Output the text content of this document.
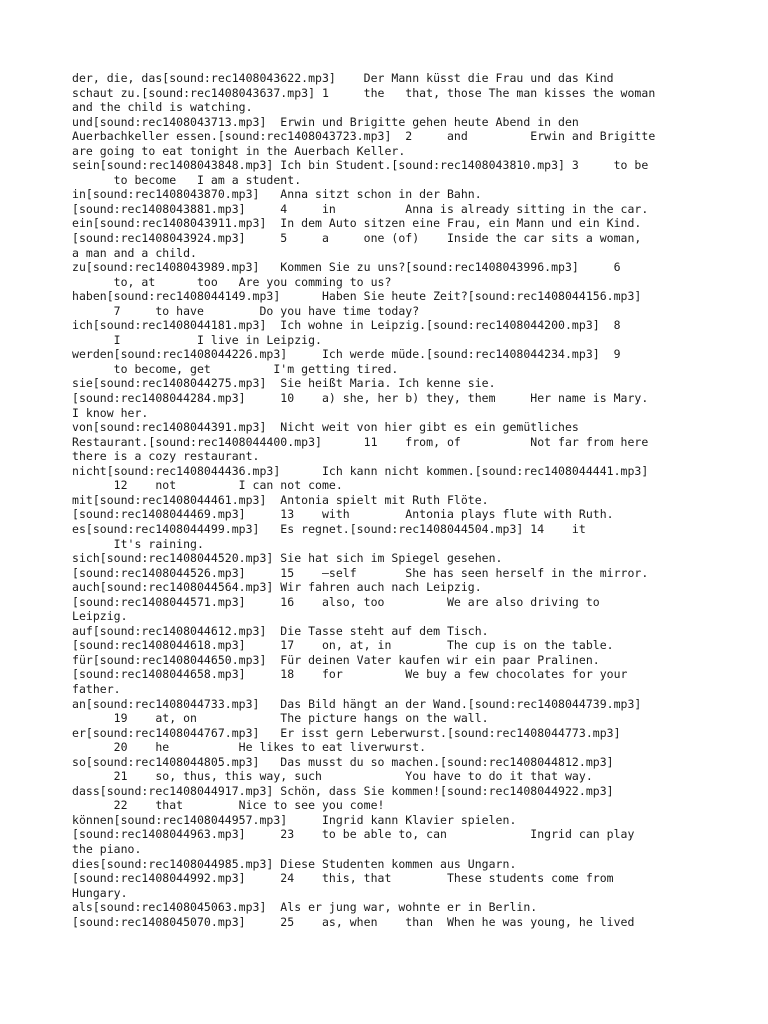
der, die, das[sound:rec1408043622.mp3]    Der Mann küsst die Frau und das Kind
schaut zu.[sound:rec1408043637.mp3] 1     the   that, those The man kisses the woman
and the child is watching.
und[sound:rec1408043713.mp3]  Erwin und Brigitte gehen heute Abend in den
Auerbachkeller essen.[sound:rec1408043723.mp3]  2     and         Erwin and Brigitte
are going to eat tonight in the Auerbach Keller.
sein[sound:rec1408043848.mp3] Ich bin Student.[sound:rec1408043810.mp3] 3     to be
to become   I am a student.
in[sound:rec1408043870.mp3]   Anna sitzt schon in der Bahn.
[sound:rec1408043881.mp3]     4     in          Anna is already sitting in the car.
ein[sound:rec1408043911.mp3]  In dem Auto sitzen eine Frau, ein Mann und ein Kind.
[sound:rec1408043924.mp3]     5     a     one (of)    Inside the car sits a woman,
a man and a child.
zu[sound:rec1408043989.mp3]   Kommen Sie zu uns?[sound:rec1408043996.mp3]     6
to, at      too   Are you comming to us?
haben[sound:rec1408044149.mp3]      Haben Sie heute Zeit?[sound:rec1408044156.mp3]
7     to have        Do you have time today?
ich[sound:rec1408044181.mp3]  Ich wohne in Leipzig.[sound:rec1408044200.mp3]  8
I           I live in Leipzig.
werden[sound:rec1408044226.mp3]     Ich werde müde.[sound:rec1408044234.mp3]  9
to become, get         I'm getting tired.
sie[sound:rec1408044275.mp3]  Sie heißt Maria. Ich kenne sie.
[sound:rec1408044284.mp3]     10    a) she, her b) they, them     Her name is Mary.
I know her.
von[sound:rec1408044391.mp3]  Nicht weit von hier gibt es ein gemütliches
Restaurant.[sound:rec1408044400.mp3]      11    from, of          Not far from here
there is a cozy restaurant.
nicht[sound:rec1408044436.mp3]      Ich kann nicht kommen.[sound:rec1408044441.mp3]
12    not         I can not come.
mit[sound:rec1408044461.mp3]  Antonia spielt mit Ruth Flöte.
[sound:rec1408044469.mp3]     13    with        Antonia plays flute with Ruth.
es[sound:rec1408044499.mp3]   Es regnet.[sound:rec1408044504.mp3] 14    it
It's raining.
sich[sound:rec1408044520.mp3] Sie hat sich im Spiegel gesehen.
[sound:rec1408044526.mp3]     15    –self       She has seen herself in the mirror.
auch[sound:rec1408044564.mp3] Wir fahren auch nach Leipzig.
[sound:rec1408044571.mp3]     16    also, too         We are also driving to
Leipzig.
auf[sound:rec1408044612.mp3]  Die Tasse steht auf dem Tisch.
[sound:rec1408044618.mp3]     17    on, at, in        The cup is on the table.
für[sound:rec1408044650.mp3]  Für deinen Vater kaufen wir ein paar Pralinen.
[sound:rec1408044658.mp3]     18    for         We buy a few chocolates for your
father.
an[sound:rec1408044733.mp3]   Das Bild hängt an der Wand.[sound:rec1408044739.mp3]
19    at, on            The picture hangs on the wall.
er[sound:rec1408044767.mp3]   Er isst gern Leberwurst.[sound:rec1408044773.mp3]
20    he          He likes to eat liverwurst.
so[sound:rec1408044805.mp3]   Das musst du so machen.[sound:rec1408044812.mp3]
21    so, thus, this way, such            You have to do it that way.
dass[sound:rec1408044917.mp3] Schön, dass Sie kommen![sound:rec1408044922.mp3]
22    that        Nice to see you come!
können[sound:rec1408044957.mp3]     Ingrid kann Klavier spielen.
[sound:rec1408044963.mp3]     23    to be able to, can            Ingrid can play
the piano.
dies[sound:rec1408044985.mp3] Diese Studenten kommen aus Ungarn.
[sound:rec1408044992.mp3]     24    this, that        These students come from
Hungary.
als[sound:rec1408045063.mp3]  Als er jung war, wohnte er in Berlin.
[sound:rec1408045070.mp3]     25    as, when    than  When he was young, he lived
